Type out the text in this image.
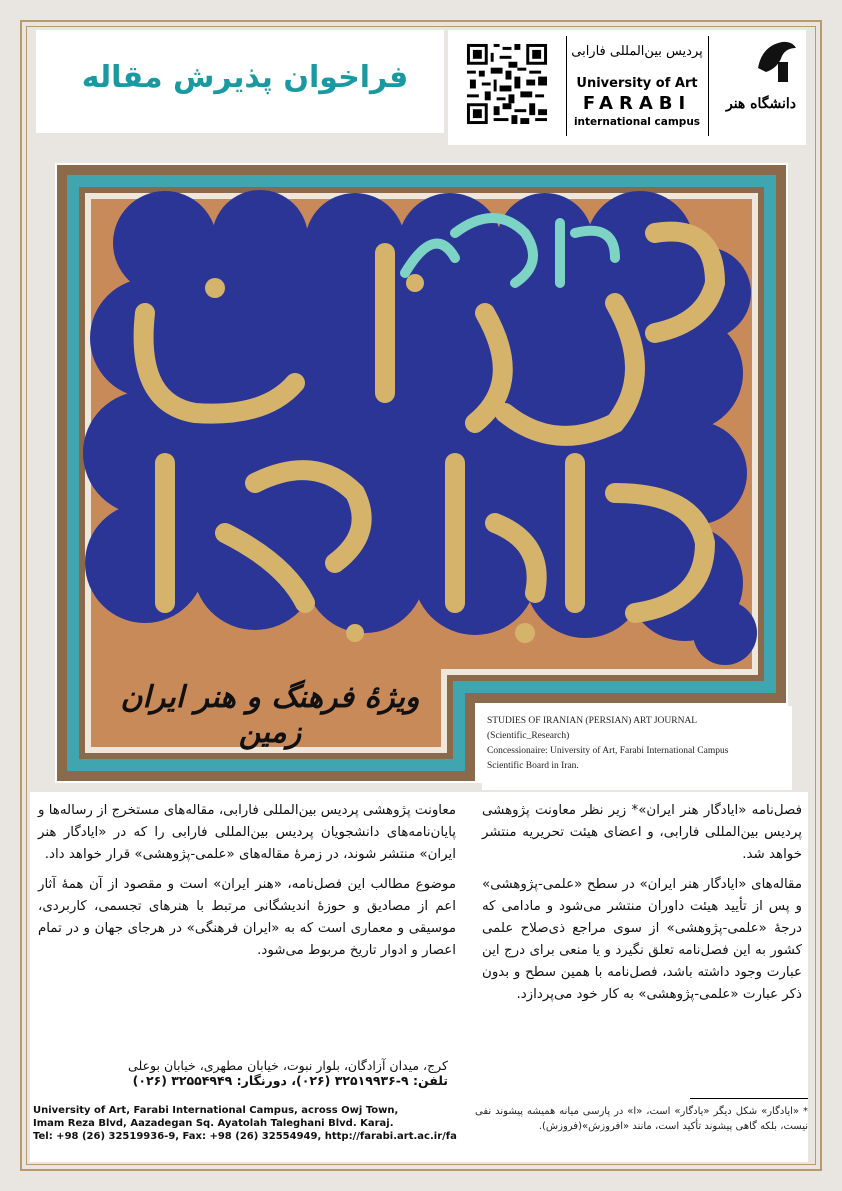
فراخوان پذیرش مقاله
پردیس بین‌المللی فارابی
University of Art
FARABI
international campus
دانشگاه هنر
ویژهٔ فرهنگ و هنر ایران زمین	STUDIES OF IRANIAN (PERSIAN) ART JOURNAL
(Scientific_Research)
Concessionaire: University of Art, Farabi International Campus
Scientific Board in Iran.

فصل‌نامه «ایادگار هنر ایران»* زیر نظر معاونت پژوهشی پردیس بین‌المللی فارابی، و اعضای هیئت تحریریه منتشر خواهد شد.

مقاله‌های «ایادگار هنر ایران» در سطح «علمی-پژوهشی» و پس از تأیید هیئت داوران منتشر می‌شود و مادامی که درجهٔ «علمی-پژوهشی» از سوی مراجع ذی‌صلاح علمی کشور به این فصل‌نامه تعلق نگیرد و یا منعی برای درج این عبارت وجود داشته باشد، فصل‌نامه با همین سطح و بدون ذکر عبارت «علمی-پژوهشی» به کار خود می‌پردازد.

معاونت پژوهشی پردیس بین‌المللی فارابی، مقاله‌های مستخرج از رساله‌ها و پایان‌نامه‌های دانشجویان پردیس بین‌المللی فارابی را که در «ایادگار هنر ایران» منتشر شوند، در زمرهٔ مقاله‌های «علمی-پژوهشی» قرار خواهد داد.

موضوع مطالب این فصل‌نامه، «هنر ایران» است و مقصود از آن همهٔ آثار اعم از مصادیق و حوزهٔ اندیشگانی مرتبط با هنرهای تجسمی، کاربردی، موسیقی و معماری است که به «ایران فرهنگی» در هرجای جهان و در تمام اعصار و ادوار تاریخ مربوط می‌شود.

کرج، میدان آزادگان، بلوار نبوت، خیابان مطهری، خیابان بوعلی
تلفن: ۹-۳۲۵۱۹۹۳۶ (۰۲۶)، دورنگار: ۳۲۵۵۴۹۴۹ (۰۲۶)
University of Art, Farabi International Campus, across Owj Town,
Imam Reza Blvd, Aazadegan Sq. Ayatolah Taleghani Blvd. Karaj.
Tel: +98 (26) 32519936-9, Fax: +98 (26) 32554949, http://farabi.art.ac.ir/fa
* «ایادگار» شکل دیگر «یادگار» است، «ا» در پارسی میانه همیشه پیشوند نفی نیست، بلکه گاهی پیشوند تأکید است، مانند «افروزش»(فروزش).
